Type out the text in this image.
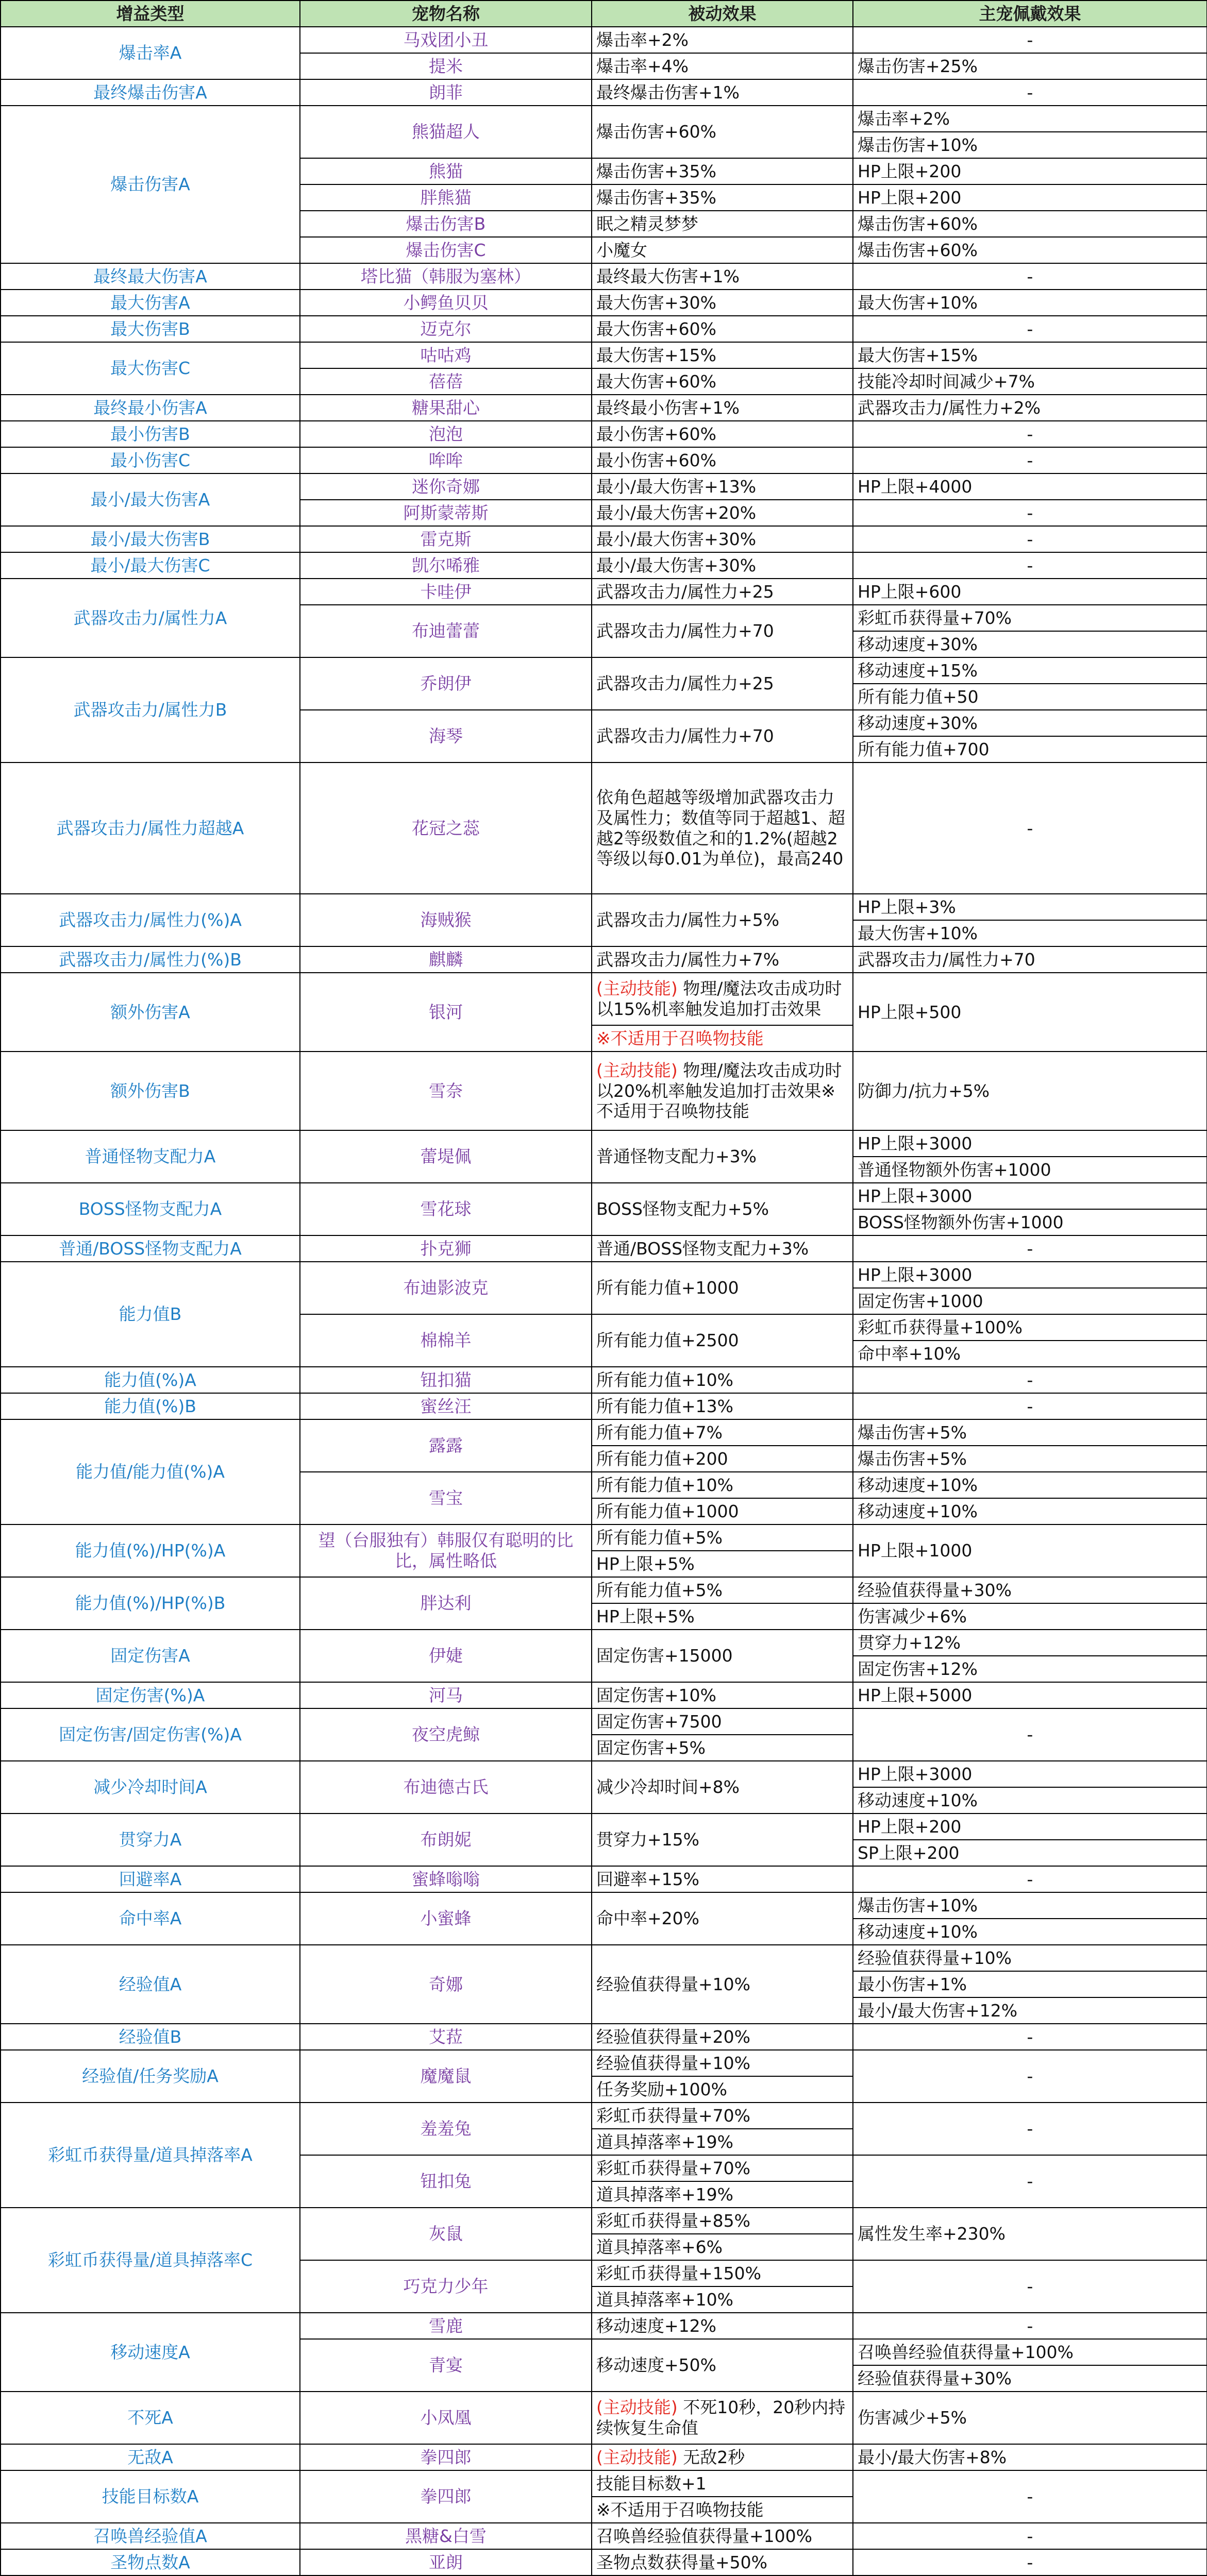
增益类型	宠物名称	被动效果	主宠佩戴效果
爆击率A	马戏团小丑	爆击率+2%	-
	提米	爆击率+4%	爆击伤害+25%
最终爆击伤害A	朗菲	最终爆击伤害+1%	-
爆击伤害A	熊猫超人	爆击伤害+60%	爆击率+2%
			爆击伤害+10%
	熊猫	爆击伤害+35%	HP上限+200
	胖熊猫	爆击伤害+35%	HP上限+200
	爆击伤害B	眠之精灵梦梦	爆击伤害+60%
	爆击伤害C	小魔女	爆击伤害+60%
最终最大伤害A	塔比猫（韩服为塞林）	最终最大伤害+1%	-
最大伤害A	小鳄鱼贝贝	最大伤害+30%	最大伤害+10%
最大伤害B	迈克尔	最大伤害+60%	-
最大伤害C	咕咕鸡	最大伤害+15%	最大伤害+15%
	蓓蓓	最大伤害+60%	技能冷却时间减少+7%
最终最小伤害A	糖果甜心	最终最小伤害+1%	武器攻击力/属性力+2%
最小伤害B	泡泡	最小伤害+60%	-
最小伤害C	哞哞	最小伤害+60%	-
最小/最大伤害A	迷你奇娜	最小/最大伤害+13%	HP上限+4000
	阿斯蒙蒂斯	最小/最大伤害+20%	-
最小/最大伤害B	雷克斯	最小/最大伤害+30%	-
最小/最大伤害C	凯尔唏雅	最小/最大伤害+30%	-
武器攻击力/属性力A	卡哇伊	武器攻击力/属性力+25	HP上限+600
	布迪蕾蕾	武器攻击力/属性力+70	彩虹币获得量+70%
			移动速度+30%
武器攻击力/属性力B	乔朗伊	武器攻击力/属性力+25	移动速度+15%
			所有能力值+50
	海琴	武器攻击力/属性力+70	移动速度+30%
			所有能力值+700
武器攻击力/属性力超越A	花冠之蕊	依角色超越等级增加武器攻击力及属性力；数值等同于超越1、超越2等级数值之和的1.2%(超越2等级以每0.01为单位)，最高240	-

武器攻击力/属性力(%)A	海贼猴	武器攻击力/属性力+5%	HP上限+3%
			最大伤害+10%
武器攻击力/属性力(%)B	麒麟	武器攻击力/属性力+7%	武器攻击力/属性力+70
额外伤害A	银河	(主动技能) 物理/魔法攻击成功时以15%机率触发追加打击效果	HP上限+500

		※不适用于召唤物技能	
额外伤害B	雪奈	(主动技能) 物理/魔法攻击成功时以20%机率触发追加打击效果※不适用于召唤物技能	防御力/抗力+5%

普通怪物支配力A	蕾堤佩	普通怪物支配力+3%	HP上限+3000
			普通怪物额外伤害+1000
BOSS怪物支配力A	雪花球	BOSS怪物支配力+5%	HP上限+3000
			BOSS怪物额外伤害+1000
普通/BOSS怪物支配力A	扑克狮	普通/BOSS怪物支配力+3%	-
能力值B	布迪影波克	所有能力值+1000	HP上限+3000
			固定伤害+1000
	棉棉羊	所有能力值+2500	彩虹币获得量+100%
			命中率+10%
能力值(%)A	钮扣猫	所有能力值+10%	-
能力值(%)B	蜜丝汪	所有能力值+13%	-
能力值/能力值(%)A	露露	所有能力值+7%	爆击伤害+5%
		所有能力值+200	爆击伤害+5%
	雪宝	所有能力值+10%	移动速度+10%
		所有能力值+1000	移动速度+10%
能力值(%)/HP(%)A	望（台服独有）韩服仅有聪明的比比，属性略低	所有能力值+5%	HP上限+1000
		HP上限+5%	
能力值(%)/HP(%)B	胖达利	所有能力值+5%	经验值获得量+30%
		HP上限+5%	伤害减少+6%
固定伤害A	伊婕	固定伤害+15000	贯穿力+12%
			固定伤害+12%
固定伤害(%)A	河马	固定伤害+10%	HP上限+5000
固定伤害/固定伤害(%)A	夜空虎鲸	固定伤害+7500	-
		固定伤害+5%	
减少冷却时间A	布迪德古氏	减少冷却时间+8%	HP上限+3000
			移动速度+10%
贯穿力A	布朗妮	贯穿力+15%	HP上限+200
			SP上限+200
回避率A	蜜蜂嗡嗡	回避率+15%	-
命中率A	小蜜蜂	命中率+20%	爆击伤害+10%
			移动速度+10%
经验值A	奇娜	经验值获得量+10%	经验值获得量+10%
			最小伤害+1%
			最小/最大伤害+12%
经验值B	艾菈	经验值获得量+20%	-
经验值/任务奖励A	魔魔鼠	经验值获得量+10%	-
		任务奖励+100%	
彩虹币获得量/道具掉落率A	羞羞兔	彩虹币获得量+70%	-
		道具掉落率+19%	
	钮扣兔	彩虹币获得量+70%	-
		道具掉落率+19%	
彩虹币获得量/道具掉落率C	灰鼠	彩虹币获得量+85%	属性发生率+230%
		道具掉落率+6%	
	巧克力少年	彩虹币获得量+150%	-
		道具掉落率+10%	
移动速度A	雪鹿	移动速度+12%	-
	青宴	移动速度+50%	召唤兽经验值获得量+100%
			经验值获得量+30%
不死A	小凤凰	(主动技能) 不死10秒，20秒内持续恢复生命值	伤害减少+5%

无敌A	拳四郎	(主动技能) 无敌2秒	最小/最大伤害+8%
技能目标数A	拳四郎	技能目标数+1	-
		※不适用于召唤物技能	
召唤兽经验值A	黑糖&白雪	召唤兽经验值获得量+100%	-
圣物点数A	亚朗	圣物点数获得量+50%	-
